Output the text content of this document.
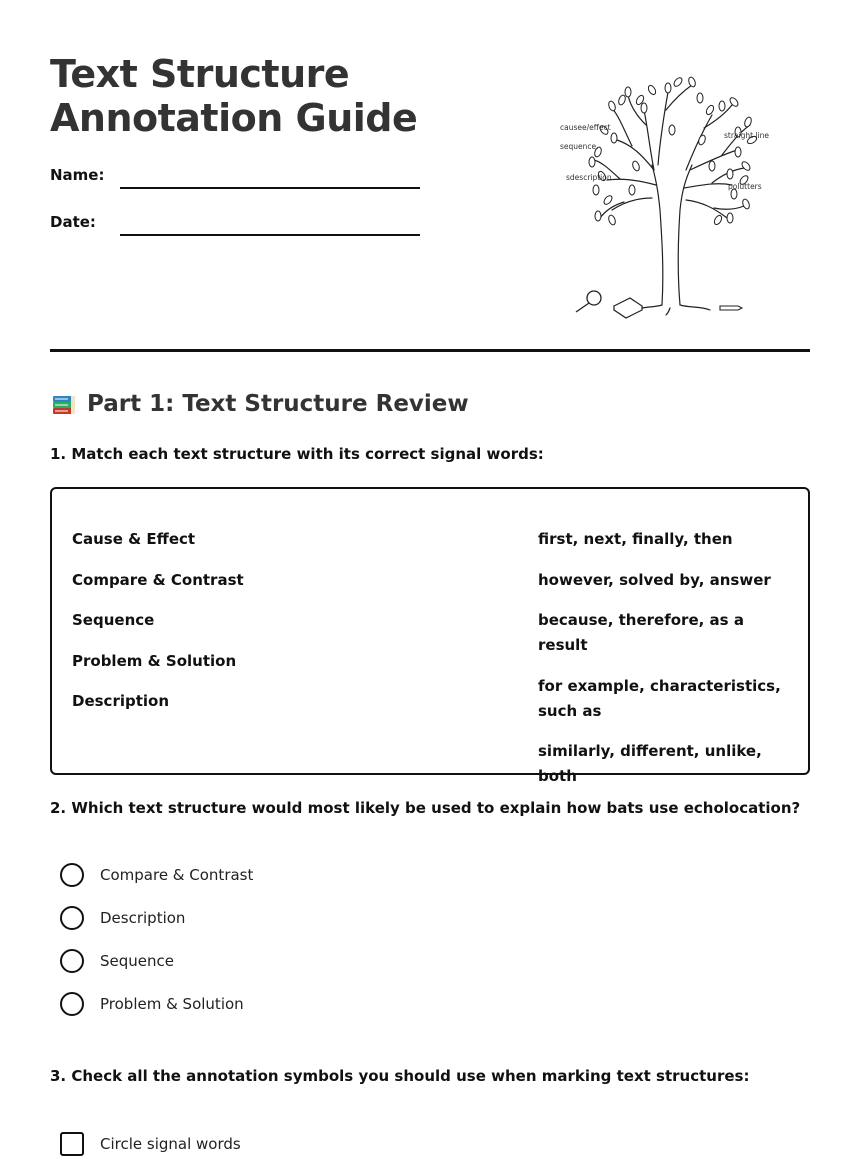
Text Structure
Annotation Guide
Name:
Date:
causee/effect
sequence.
sdescription.
straight line
polutters
Part 1: Text Structure Review

1. Match each text structure with its correct signal words:

Cause & Effect
Compare & Contrast
Sequence
Problem & Solution
Description
first, next, finally, then
however, solved by, answer
because, therefore, as a result
for example, characteristics, such as
similarly, different, unlike, both

2. Which text structure would most likely be used to explain how bats use echolocation?

Compare & Contrast
Description
Sequence
Problem & Solution

3. Check all the annotation symbols you should use when marking text structures:

Circle signal words
